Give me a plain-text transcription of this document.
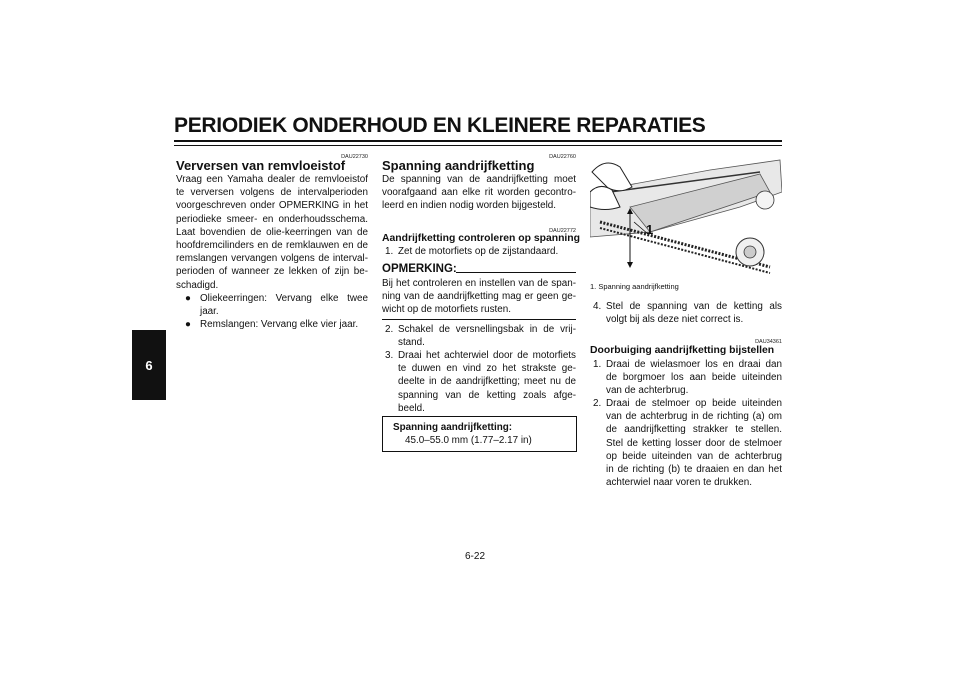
PERIODIEK ONDERHOUD EN KLEINERE REPARATIES
6
DAU22730
Verversen van remvloeistof
Vraag een Yamaha dealer de remvloeistof
te verversen volgens de intervalperioden
voorgeschreven onder OPMERKING in het
periodieke smeer- en onderhoudsschema.
Laat bovendien de olie-keerringen van de
hoofdremcilinders en de remklauwen en de
remslangen vervangen volgens de interval-
perioden of wanneer ze lekken of zijn be-
schadigd.
● Oliekeerringen: Vervang elke twee
jaar.
● Remslangen: Vervang elke vier jaar.
DAU22760
Spanning aandrijfketting
De spanning van de aandrijfketting moet
voorafgaand aan elke rit worden gecontro-
leerd en indien nodig worden bijgesteld.
DAU22772
Aandrijfketting controleren op spanning
1. Zet de motorfiets op de zijstandaard.
OPMERKING:
Bij het controleren en instellen van de span-
ning van de aandrijfketting mag er geen ge-
wicht op de motorfiets rusten.
2. Schakel de versnellingsbak in de vrij-
stand.
3. Draai het achterwiel door de motorfiets
te duwen en vind zo het strakste ge-
deelte in de aandrijfketting; meet nu de
spanning van de ketting zoals afge-
beeld.
Spanning aandrijfketting:
45.0–55.0 mm (1.77–2.17 in)
1
1. Spanning aandrijfketting
4. Stel de spanning van de ketting als
volgt bij als deze niet correct is.
DAU34361
Doorbuiging aandrijfketting bijstellen
1. Draai de wielasmoer los en draai dan
de borgmoer los aan beide uiteinden
van de achterbrug.
2. Draai de stelmoer op beide uiteinden
van de achterbrug in de richting (a) om
de aandrijfketting strakker te stellen.
Stel de ketting losser door de stelmoer
op beide uiteinden van de achterbrug
in de richting (b) te draaien en dan het
achterwiel naar voren te drukken.
6-22
